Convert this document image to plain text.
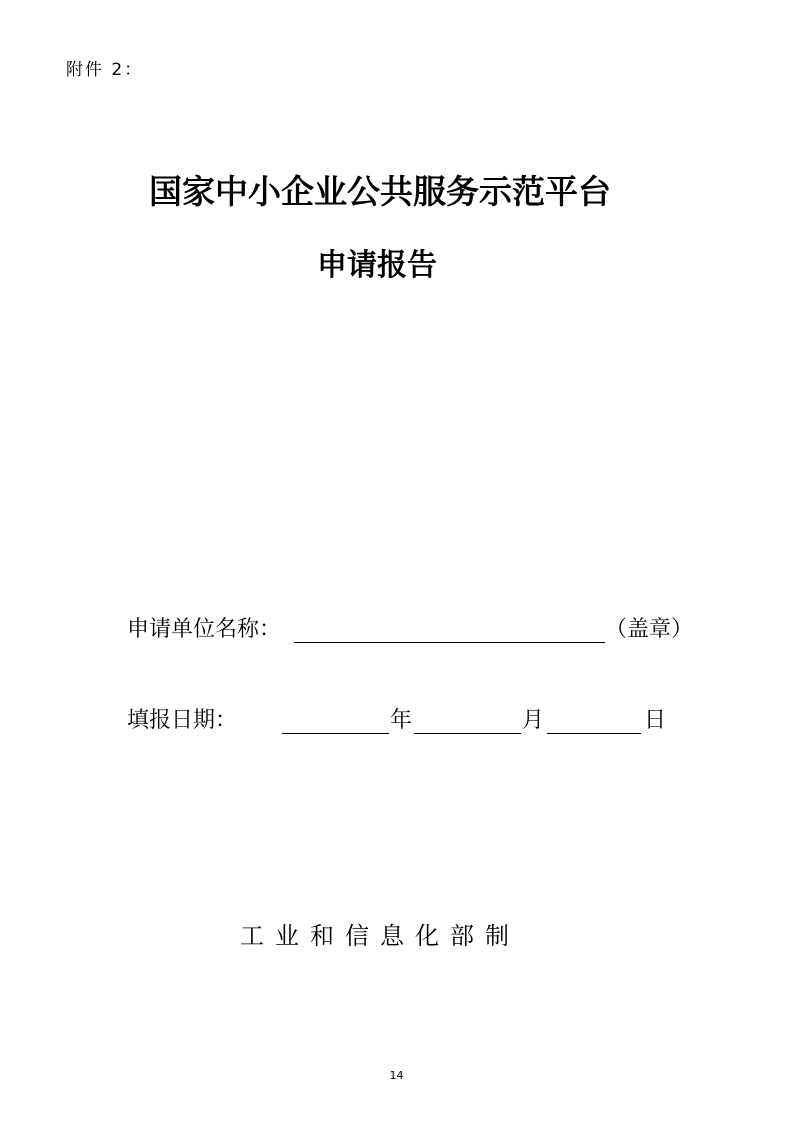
附件 2：
国家中小企业公共服务示范平台
申请报告
申请单位名称：	（盖章）
填报日期：	年	月	日
工业和信息化部制
14
